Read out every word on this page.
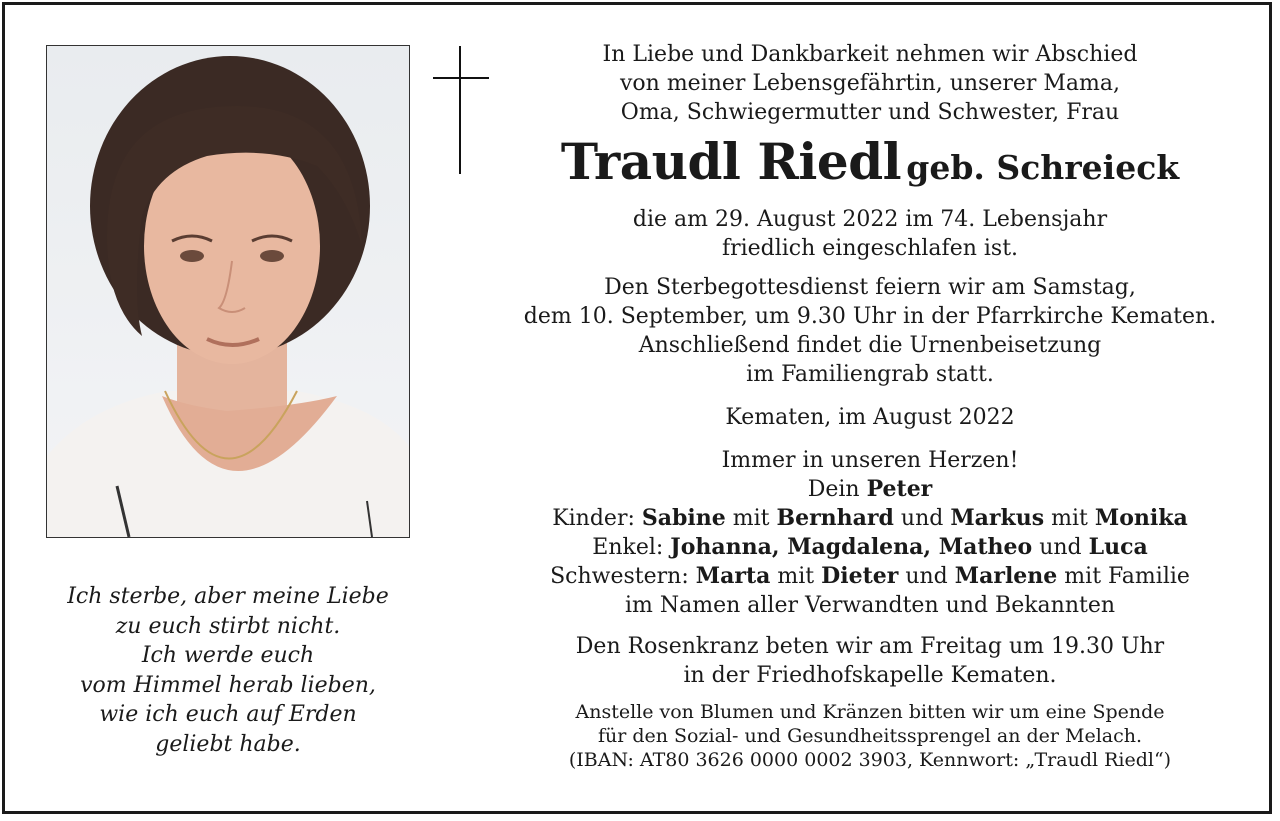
Ich sterbe, aber meine Liebe
zu euch stirbt nicht.
Ich werde euch
vom Himmel herab lieben,
wie ich euch auf Erden
geliebt habe.
In Liebe und Dankbarkeit nehmen wir Abschied
von meiner Lebensgefährtin, unserer Mama,
Oma, Schwiegermutter und Schwester, Frau
Traudl Riedl geb. Schreieck
die am 29. August 2022 im 74. Lebensjahr
friedlich eingeschlafen ist.
Den Sterbegottesdienst feiern wir am Samstag,
dem 10. September, um 9.30 Uhr in der Pfarrkirche Kematen.
Anschließend findet die Urnenbeisetzung
im Familiengrab statt.
Kematen, im August 2022
Immer in unseren Herzen!
Dein Peter
Kinder: Sabine mit Bernhard und Markus mit Monika
Enkel: Johanna, Magdalena, Matheo und Luca
Schwestern: Marta mit Dieter und Marlene mit Familie
im Namen aller Verwandten und Bekannten
Den Rosenkranz beten wir am Freitag um 19.30 Uhr
in der Friedhofskapelle Kematen.
Anstelle von Blumen und Kränzen bitten wir um eine Spende
für den Sozial- und Gesundheitssprengel an der Melach.
(IBAN: AT80 3626 0000 0002 3903, Kennwort: „Traudl Riedl“)
